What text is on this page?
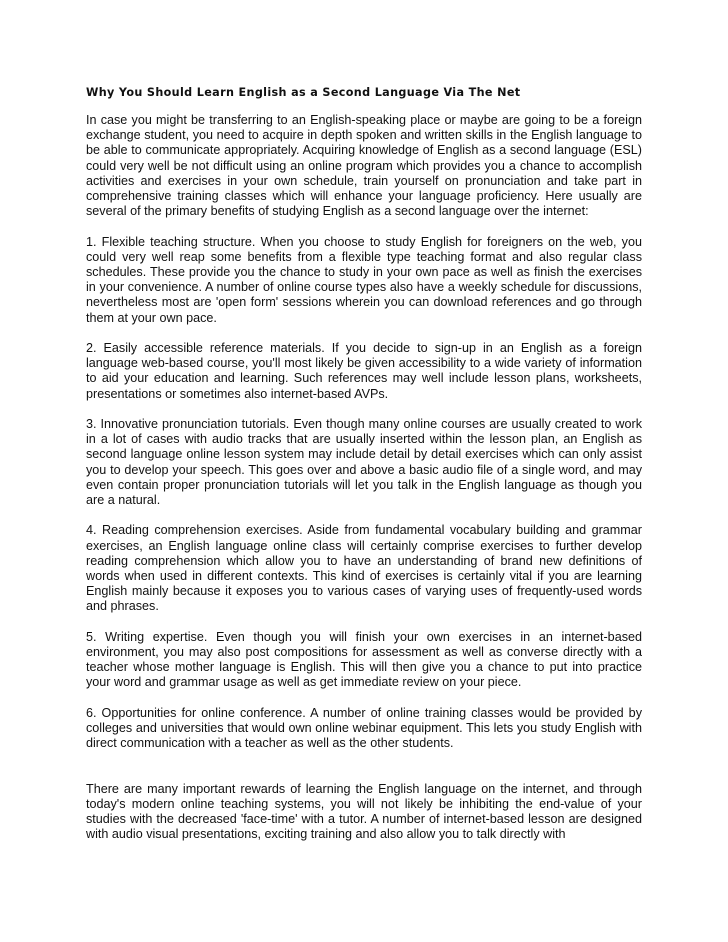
Why You Should Learn English as a Second Language Via The Net

In case you might be transferring to an English-speaking place or maybe are going to be a foreign exchange student, you need to acquire in depth spoken and written skills in the English language to be able to communicate appropriately. Acquiring knowledge of English as a second language (ESL) could very well be not difficult using an online program which provides you a chance to accomplish activities and exercises in your own schedule, train yourself on pronunciation and take part in comprehensive training classes which will enhance your language proficiency. Here usually are several of the primary benefits of studying English as a second language over the internet:

1. Flexible teaching structure. When you choose to study English for foreigners on the web, you could very well reap some benefits from a flexible type teaching format and also regular class schedules. These provide you the chance to study in your own pace as well as finish the exercises in your convenience. A number of online course types also have a weekly schedule for discussions, nevertheless most are 'open form' sessions wherein you can download references and go through them at your own pace.

2. Easily accessible reference materials. If you decide to sign-up in an English as a foreign language web-based course, you'll most likely be given accessibility to a wide variety of information to aid your education and learning. Such references may well include lesson plans, worksheets, presentations or sometimes also internet-based AVPs.

3. Innovative pronunciation tutorials. Even though many online courses are usually created to work in a lot of cases with audio tracks that are usually inserted within the lesson plan, an English as second language online lesson system may include detail by detail exercises which can only assist you to develop your speech. This goes over and above a basic audio file of a single word, and may even contain proper pronunciation tutorials will let you talk in the English language as though you are a natural.

4. Reading comprehension exercises. Aside from fundamental vocabulary building and grammar exercises, an English language online class will certainly comprise exercises to further develop reading comprehension which allow you to have an understanding of brand new definitions of words when used in different contexts. This kind of exercises is certainly vital if you are learning English mainly because it exposes you to various cases of varying uses of frequently-used words and phrases.

5. Writing expertise. Even though you will finish your own exercises in an internet-based environment, you may also post compositions for assessment as well as converse directly with a teacher whose mother language is English. This will then give you a chance to put into practice your word and grammar usage as well as get immediate review on your piece.

6. Opportunities for online conference. A number of online training classes would be provided by colleges and universities that would own online webinar equipment. This lets you study English with direct communication with a teacher as well as the other students.

There are many important rewards of learning the English language on the internet, and through today's modern online teaching systems, you will not likely be inhibiting the end-value of your studies with the decreased 'face-time' with a tutor. A number of internet-based lesson are designed with audio visual presentations, exciting training and also allow you to talk directly with
